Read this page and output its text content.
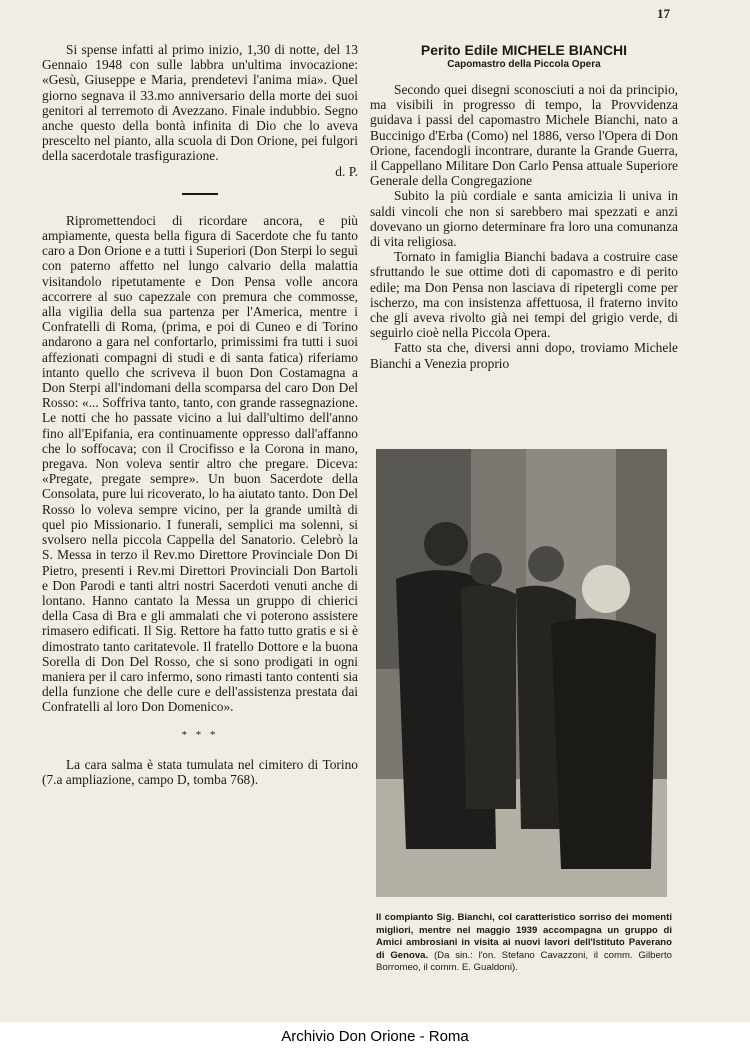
17

Si spense infatti al primo inizio, 1,30 di notte, del 13 Gennaio 1948 con sulle labbra un'ultima invocazione: «Gesù, Giuseppe e Maria, prendetevi l'anima mia». Quel giorno segnava il 33.mo anniversario della morte dei suoi genitori al terremoto di Avezzano. Finale indubbio. Segno anche questo della bontà infinita di Dio che lo aveva prescelto nel pianto, alla scuola di Don Orione, pei fulgori della sacerdotale trasfigurazione.

d. P.

Ripromettendoci di ricordare ancora, e più ampiamente, questa bella figura di Sacerdote che fu tanto caro a Don Orione e a tutti i Superiori (Don Sterpi lo seguì con paterno affetto nel lungo calvario della malattia visitandolo ripetutamente e Don Pensa volle ancora accorrere al suo capezzale con premura che commosse, alla vigilia della sua partenza per l'America, mentre i Confratelli di Roma, (prima, e poi di Cuneo e di Torino andarono a gara nel confortarlo, primissimi fra tutti i suoi affezionati compagni di studi e di santa fatica) riferiamo intanto quello che scriveva il buon Don Costamagna a Don Sterpi all'indomani della scomparsa del caro Don Del Rosso: «... Soffriva tanto, tanto, con grande rassegnazione. Le notti che ho passate vicino a lui dall'ultimo dell'anno fino all'Epifania, era continuamente oppresso dall'affanno che lo soffocava; con il Crocifisso e la Corona in mano, pregava. Non voleva sentir altro che pregare. Diceva: «Pregate, pregate sempre». Un buon Sacerdote della Consolata, pure lui ricoverato, lo ha aiutato tanto. Don Del Rosso lo voleva sempre vicino, per la grande umiltà di quel pio Missionario. I funerali, semplici ma solenni, si svolsero nella piccola Cappella del Sanatorio. Celebrò la S. Messa in terzo il Rev.mo Direttore Provinciale Don Di Pietro, presenti i Rev.mi Direttori Provinciali Don Bartoli e Don Parodi e tanti altri nostri Sacerdoti venuti anche di lontano. Hanno cantato la Messa un gruppo di chierici della Casa di Bra e gli ammalati che vi poterono assistere rimasero edificati. Il Sig. Rettore ha fatto tutto gratis e si è dimostrato tanto caritatevole. Il fratello Dottore e la buona Sorella di Don Del Rosso, che si sono prodigati in ogni maniera per il caro infermo, sono rimasti tanto contenti sia della funzione che delle cure e dell'assistenza prestata dai Confratelli al loro Don Domenico».

* * *

La cara salma è stata tumulata nel cimitero di Torino (7.a ampliazione, campo D, tomba 768).

Perito Edile MICHELE BIANCHI
Capomastro della Piccola Opera

Secondo quei disegni sconosciuti a noi da principio, ma visibili in progresso di tempo, la Provvidenza guidava i passi del capomastro Michele Bianchi, nato a Buccinigo d'Erba (Como) nel 1886, verso l'Opera di Don Orione, facendogli incontrare, durante la Grande Guerra, il Cappellano Militare Don Carlo Pensa attuale Superiore Generale della Congregazione

Subito la più cordiale e santa amicizia li univa in saldi vincoli che non si sarebbero mai spezzati e anzi dovevano un giorno determinare fra loro una comunanza di vita religiosa.

Tornato in famiglia Bianchi badava a costruire case sfruttando le sue ottime doti di capomastro e di perito edile; ma Don Pensa non lasciava di ripetergli come per ischerzo, ma con insistenza affettuosa, il fraterno invito che gli aveva rivolto già nei tempi del grigio verde, di seguirlo cioè nella Piccola Opera.

Fatto sta che, diversi anni dopo, troviamo Michele Bianchi a Venezia proprio

Il compianto Sig. Bianchi, col caratteristico sorriso dei momenti migliori, mentre nel maggio 1939 accompagna un gruppo di Amici ambrosiani in visita ai nuovi lavori dell'Istituto Paverano di Genova. (Da sin.: l'on. Stefano Cavazzoni, il comm. Gilberto Borromeo, il comm. E. Gualdoni).
Archivio Don Orione - Roma
